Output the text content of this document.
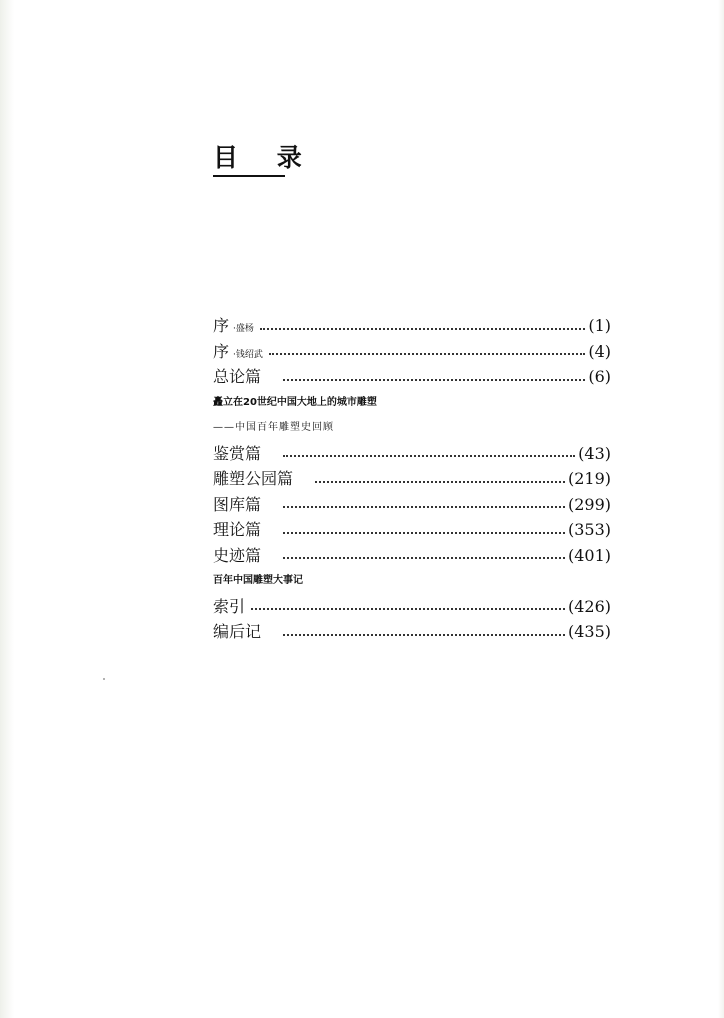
目 录
序 ·盛杨	(1)
序 ·钱绍武	(4)
总论篇	(6)
矗立在20世纪中国大地上的城市雕塑
——中国百年雕塑史回顾
鉴赏篇	(43)
雕塑公园篇	(219)
图库篇	(299)
理论篇	(353)
史迹篇	(401)
百年中国雕塑大事记
索引	(426)
编后记	(435)
